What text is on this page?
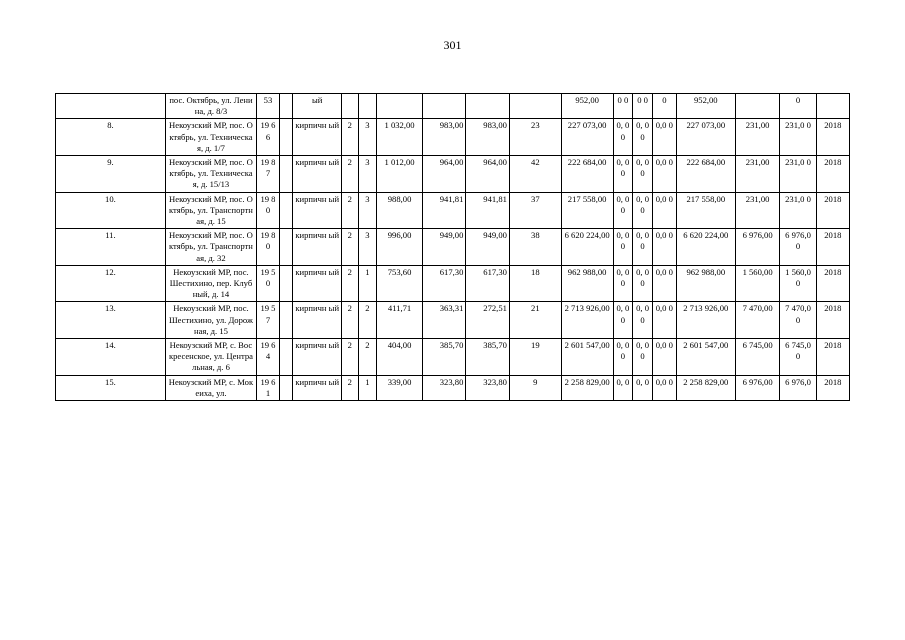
301
	пос. Октябрь, ул. Ленина, д. 8/3	53		ый							952,00	0 0	0 0	0	952,00		0	
8.	Некоузский МР, пос. Октябрь, ул. Техническая, д. 1/7	19 66		кирпичн ый	2	3	1 032,00	983,00	983,00	23	227 073,00	0, 0 0	0, 0 0	0,0 0	227 073,00	231,00	231,0 0	2018
9.	Некоузский МР, пос. Октябрь, ул. Техническая, д. 15/13	19 87		кирпичн ый	2	3	1 012,00	964,00	964,00	42	222 684,00	0, 0 0	0, 0 0	0,0 0	222 684,00	231,00	231,0 0	2018
10.	Некоузский МР, пос. Октябрь, ул. Транспортная, д. 15	19 80		кирпичн ый	2	3	988,00	941,81	941,81	37	217 558,00	0, 0 0	0, 0 0	0,0 0	217 558,00	231,00	231,0 0	2018
11.	Некоузский МР, пос. Октябрь, ул. Транспортная, д. 32	19 80		кирпичн ый	2	3	996,00	949,00	949,00	38	6 620 224,00	0, 0 0	0, 0 0	0,0 0	6 620 224,00	6 976,00	6 976,0 0	2018
12.	Некоузский МР, пос. Шестихино, пер. Клубный, д. 14	19 50		кирпичн ый	2	1	753,60	617,30	617,30	18	962 988,00	0, 0 0	0, 0 0	0,0 0	962 988,00	1 560,00	1 560,0 0	2018
13.	Некоузский МР, пос. Шестихино, ул. Дорожная, д. 15	19 57		кирпичн ый	2	2	411,71	363,31	272,51	21	2 713 926,00	0, 0 0	0, 0 0	0,0 0	2 713 926,00	7 470,00	7 470,0 0	2018
14.	Некоузский МР, с. Воскресенское, ул. Центральная, д. 6	19 64		кирпичн ый	2	2	404,00	385,70	385,70	19	2 601 547,00	0, 0 0	0, 0 0	0,0 0	2 601 547,00	6 745,00	6 745,0 0	2018
15.	Некоузский МР, с. Мокеиха, ул.	19 61		кирпичн ый	2	1	339,00	323,80	323,80	9	2 258 829,00	0, 0	0, 0	0,0 0	2 258 829,00	6 976,00	6 976,0	2018
